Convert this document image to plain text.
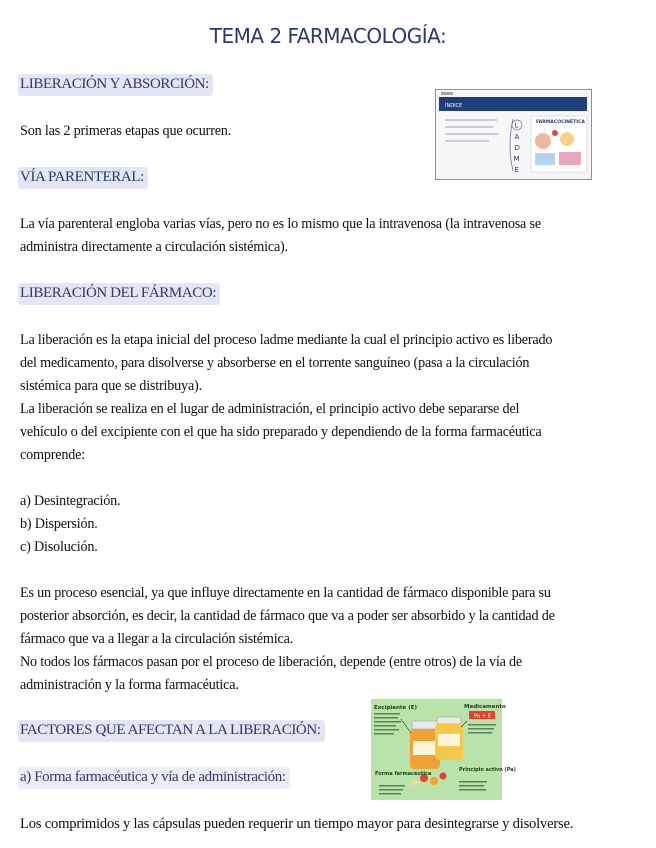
TEMA 2 FARMACOLOGÍA:
LIBERACIÓN Y ABSORCIÓN:
Son las 2 primeras etapas que ocurren.
VÍA PARENTERAL:
La vía parenteral engloba varias vías, pero no es lo mismo que la intravenosa (la intravenosa se
administra directamente a circulación sistémica).
LIBERACIÓN DEL FÁRMACO:
La liberación es la etapa inicial del proceso ladme mediante la cual el principio activo es liberado
del medicamento, para disolverse y absorberse en el torrente sanguíneo (pasa a la circulación
sistémica para que se distribuya).
La liberación se realiza en el lugar de administración, el principio activo debe separarse del
vehículo o del excipiente con el que ha sido preparado y dependiendo de la forma farmacéutica
comprende:
a) Desintegración.
b) Dispersión.
c) Disolución.
Es un proceso esencial, ya que influye directamente en la cantidad de fármaco disponible para su
posterior absorción, es decir, la cantidad de fármaco que va a poder ser absorbido y la cantidad de
fármaco que va a llegar a la circulación sistémica.
No todos los fármacos pasan por el proceso de liberación, depende (entre otros) de la vía de
administración y la forma farmacéutica.
FACTORES QUE AFECTAN A LA LIBERACIÓN:
a) Forma farmacéutica y vía de administración:
Los comprimidos y las cápsulas pueden requerir un tiempo mayor para desintegrarse y disolverse.
ÍNDICE
L
A
D
M
E
FARMACOCINÉTICA
Excipiente (E)	Medicamento
Pa + E
Forma farmacéutica
Principio activo (Pa)
